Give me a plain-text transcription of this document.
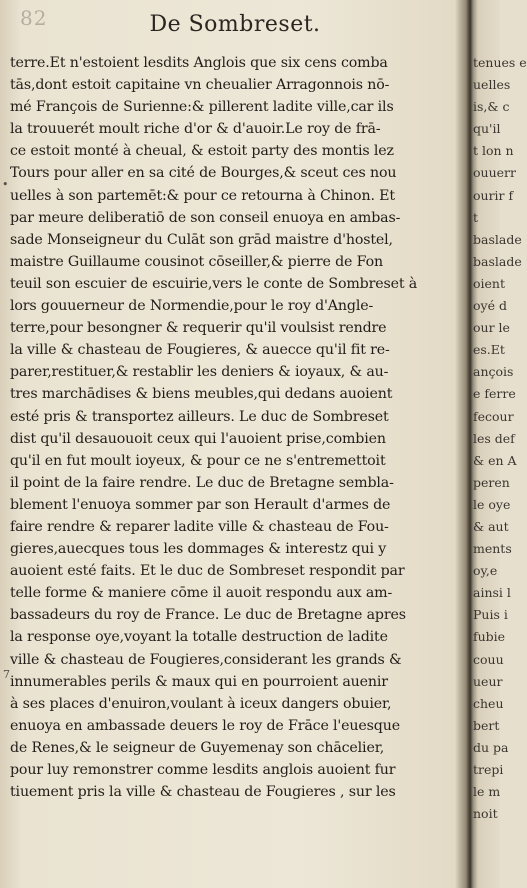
82	De Sombreset.
terre.Et n'estoient lesdits Anglois que six cens comba
tās,dont estoit capitaine vn cheualier Arragonnois nō-
mé François de Surienne:& pillerent ladite ville,car ils
la trouuerét moult riche d'or & d'auoir.Le roy de frā-
ce estoit monté à cheual, & estoit party des montis lez
Tours pour aller en sa cité de Bourges,& sceut ces nou
uelles à son partemēt:& pour ce retourna à Chinon. Et
par meure deliberatiō de son conseil enuoya en ambas-
sade Monseigneur du Culāt son grād maistre d'hostel,
maistre Guillaume cousinot cōseiller,& pierre de Fon
teuil son escuier de escuirie,vers le conte de Sombreset à
lors gouuerneur de Normendie,pour le roy d'Angle-
terre,pour besongner & requerir qu'il voulsist rendre
la ville & chasteau de Fougieres, & auecce qu'il fit re-
parer,restituer,& restablir les deniers & ioyaux, & au-
tres marchādises & biens meubles,qui dedans auoient
esté pris & transportez ailleurs. Le duc de Sombreset
dist qu'il desauouoit ceux qui l'auoient prise,combien
qu'il en fut moult ioyeux, & pour ce ne s'entremettoit
il point de la faire rendre. Le duc de Bretagne sembla-
blement l'enuoya sommer par son Herault d'armes de
faire rendre & reparer ladite ville & chasteau de Fou-
gieres,auecques tous les dommages & interestz qui y
auoient esté faits. Et le duc de Sombreset respondit par
telle forme & maniere cōme il auoit respondu aux am-
bassadeurs du roy de France. Le duc de Bretagne apres
la response oye,voyant la totalle destruction de ladite
ville & chasteau de Fougieres,considerant les grands &
innumerables perils & maux qui en pourroient auenir
à ses places d'enuiron,voulant à iceux dangers obuier,
enuoya en ambassade deuers le roy de Frāce l'euesque
de Renes,& le seigneur de Guyemenay son chācelier,
pour luy remonstrer comme lesdits anglois auoient fur
tiuement pris la ville & chasteau de Fougieres , sur les
•
7
tenues e
uelles
is,& c
qu'il
t lon n
ouuerr
ourir f
t
baslade
baslade
oient
oyé d
our le
es.Et
ançois
e ferre
fecour
les def
& en A
peren
le oye
& aut
ments
oy,e
ainsi l
Puis i
fubie
couu
ueur
cheu
bert
du pa
trepi
le m
noit
